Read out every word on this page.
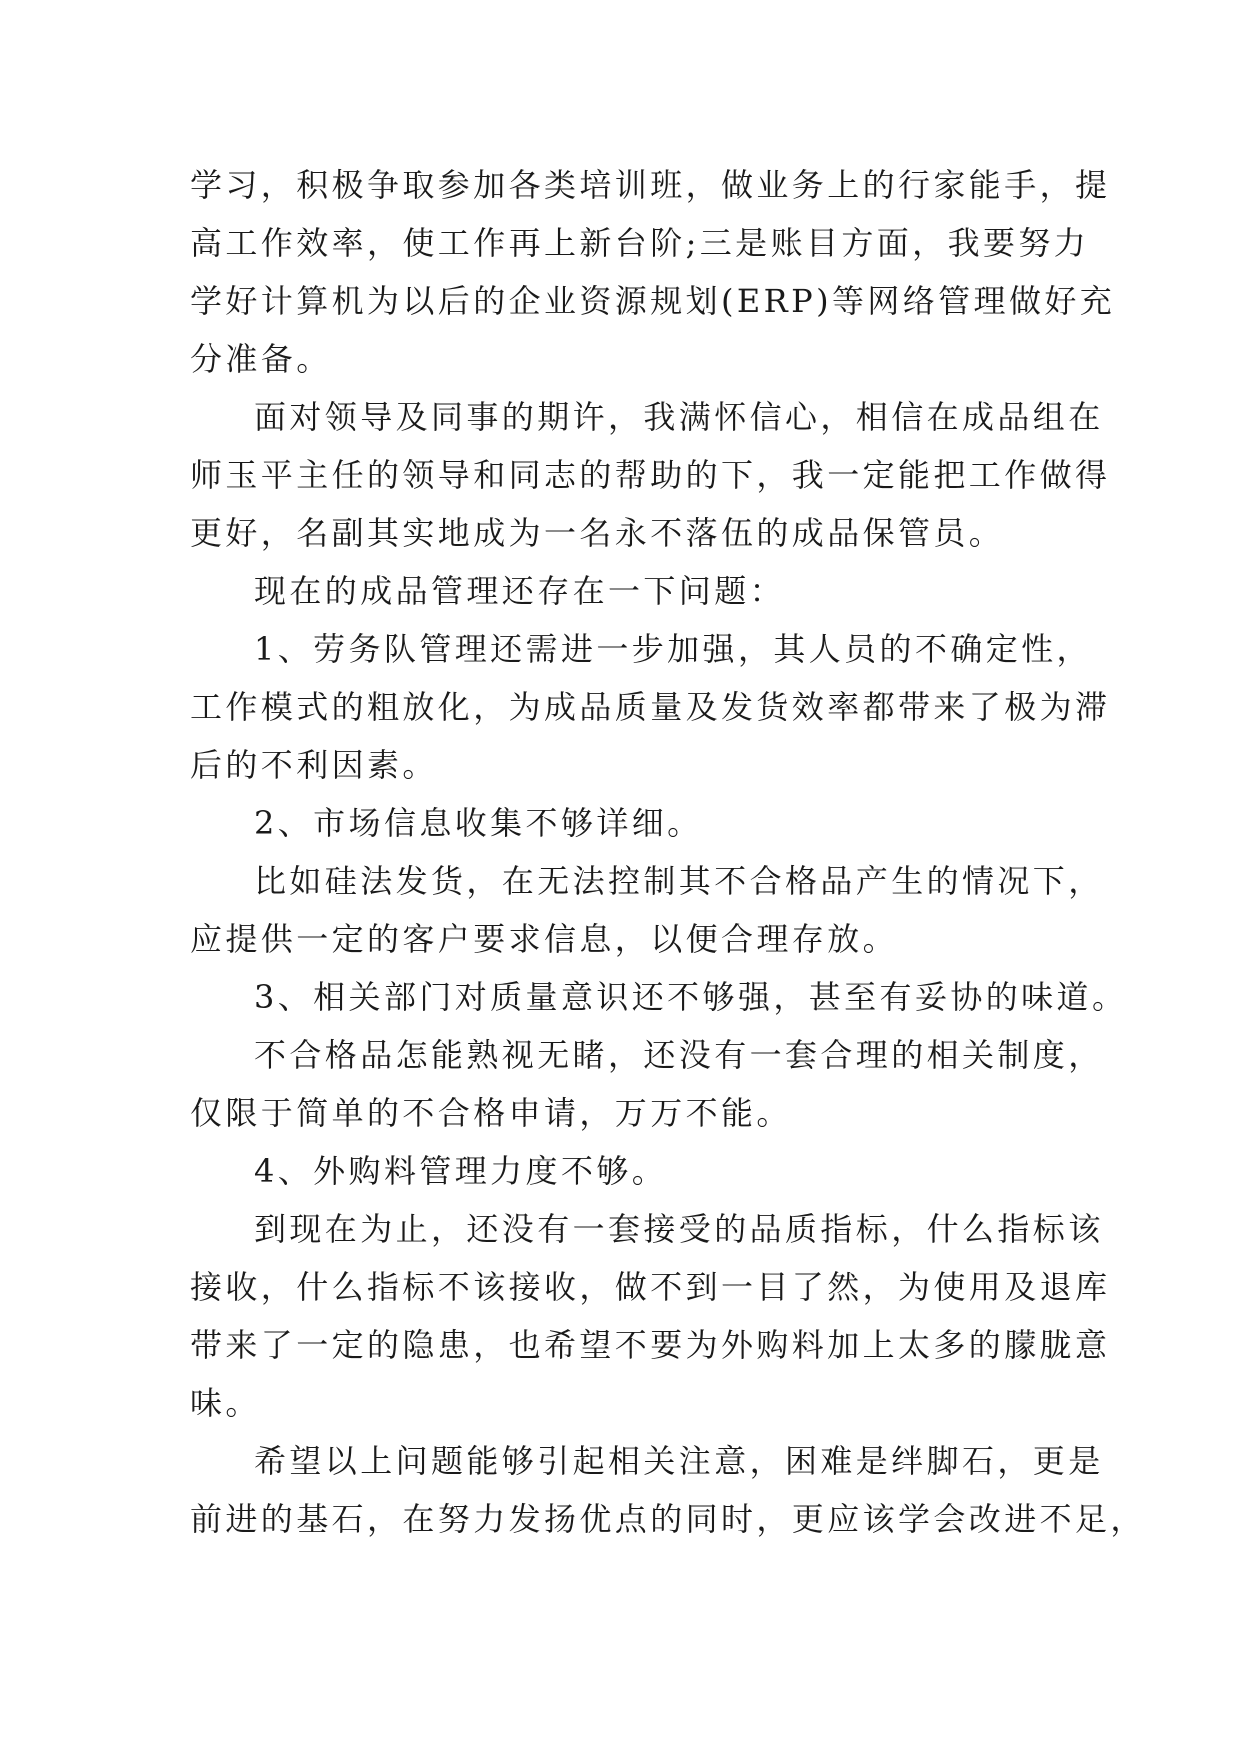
学习，积极争取参加各类培训班，做业务上的行家能手，提
高工作效率，使工作再上新台阶;三是账目方面，我要努力
学好计算机为以后的企业资源规划(ERP)等网络管理做好充
分准备。
面对领导及同事的期许，我满怀信心，相信在成品组在
师玉平主任的领导和同志的帮助的下，我一定能把工作做得
更好，名副其实地成为一名永不落伍的成品保管员。
现在的成品管理还存在一下问题：
1、劳务队管理还需进一步加强，其人员的不确定性，
工作模式的粗放化，为成品质量及发货效率都带来了极为滞
后的不利因素。
2、市场信息收集不够详细。
比如硅法发货，在无法控制其不合格品产生的情况下，
应提供一定的客户要求信息，以便合理存放。
3、相关部门对质量意识还不够强，甚至有妥协的味道。
不合格品怎能熟视无睹，还没有一套合理的相关制度，
仅限于简单的不合格申请，万万不能。
4、外购料管理力度不够。
到现在为止，还没有一套接受的品质指标，什么指标该
接收，什么指标不该接收，做不到一目了然，为使用及退库
带来了一定的隐患，也希望不要为外购料加上太多的朦胧意
味。
希望以上问题能够引起相关注意，困难是绊脚石，更是
前进的基石，在努力发扬优点的同时，更应该学会改进不足，
